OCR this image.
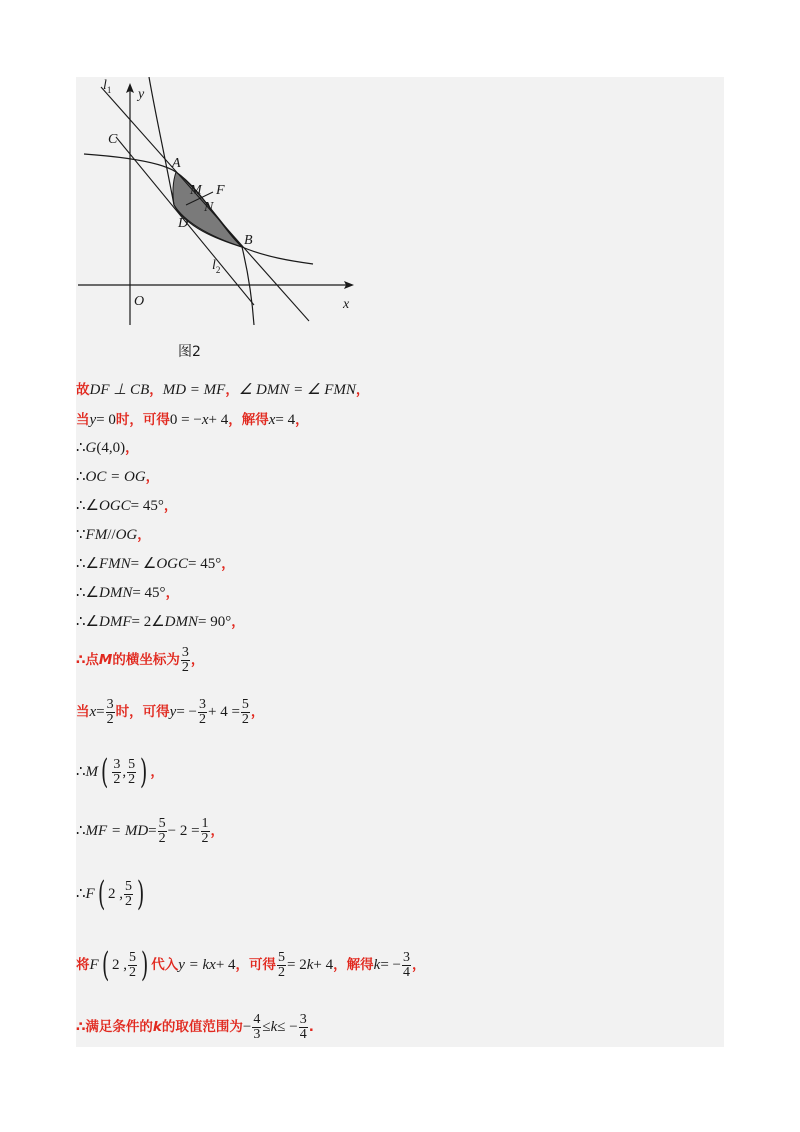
$l_1$ y
C
A
M F
N
D
B
$l_2$
O	x
图2
故 DF ⊥ CB ， MD = MF ， ∠ DMN = ∠ FMN ，
当 y = 0 时，可得 0 = − x + 4 ，解得 x = 4 ，
∴ G (4,0) ，
∴ OC = OG ，
∴∠ OGC = 45° ，
∵ FM // OG ，
∴∠ FMN = ∠ OGC = 45° ，
∴∠ DMN = 45° ，
∴∠ DMF = 2∠ DMN = 90° ，
∴点 M 的横坐标为 $\frac{3}{2}$ ，
当 $x = \frac{3}{2}$ 时，可得 y = − $\frac{3}{2} + 4 = \frac{5}{2}$ ，
∴ M ( $\frac{3}{2}$ , $\frac{5}{2}$ ) ，
∴ MF = MD = $\frac{5}{2} - 2 = \frac{1}{2}$ ，
∴ F ( 2 , $\frac{5}{2}$ )
将 F ( 2 , $\frac{5}{2}$ ) 代入 y = kx + 4 ，可得 $\frac{5}{2} = 2$ k + 4 ，解得 k = − $\frac{3}{4}$ ，
∴满足条件的 k 的取值范围为 − $\frac{4}{3} \le k$ ≤ − $\frac{3}{4}$ .
